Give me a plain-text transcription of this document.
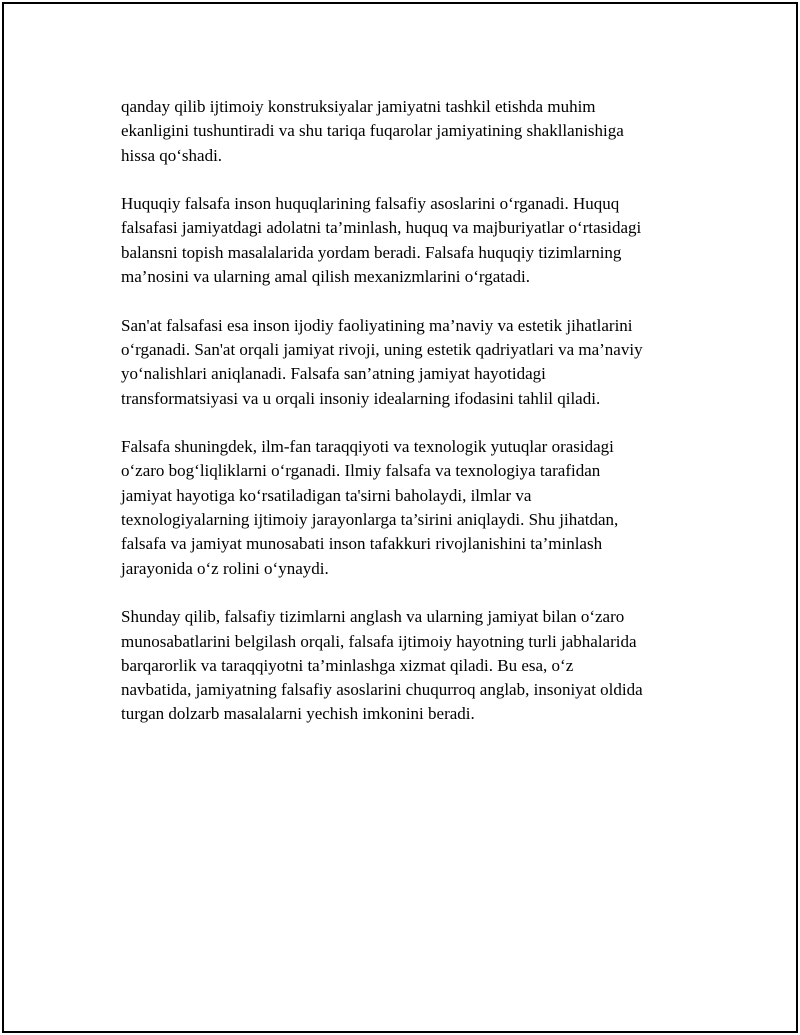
qanday qilib ijtimoiy konstruksiyalar jamiyatni tashkil etishda muhim
ekanligini tushuntiradi va shu tariqa fuqarolar jamiyatining shakllanishiga
hissa qo‘shadi.

Huquqiy falsafa inson huquqlarining falsafiy asoslarini o‘rganadi. Huquq
falsafasi jamiyatdagi adolatni ta’minlash, huquq va majburiyatlar o‘rtasidagi
balansni topish masalalarida yordam beradi. Falsafa huquqiy tizimlarning
ma’nosini va ularning amal qilish mexanizmlarini o‘rgatadi.

San'at falsafasi esa inson ijodiy faoliyatining ma’naviy va estetik jihatlarini
o‘rganadi. San'at orqali jamiyat rivoji, uning estetik qadriyatlari va ma’naviy
yo‘nalishlari aniqlanadi. Falsafa san’atning jamiyat hayotidagi
transformatsiyasi va u orqali insoniy idealarning ifodasini tahlil qiladi.

Falsafa shuningdek, ilm-fan taraqqiyoti va texnologik yutuqlar orasidagi
o‘zaro bog‘liqliklarni o‘rganadi. Ilmiy falsafa va texnologiya tarafidan
jamiyat hayotiga ko‘rsatiladigan ta'sirni baholaydi, ilmlar va
texnologiyalarning ijtimoiy jarayonlarga ta’sirini aniqlaydi. Shu jihatdan,
falsafa va jamiyat munosabati inson tafakkuri rivojlanishini ta’minlash
jarayonida o‘z rolini o‘ynaydi.

Shunday qilib, falsafiy tizimlarni anglash va ularning jamiyat bilan o‘zaro
munosabatlarini belgilash orqali, falsafa ijtimoiy hayotning turli jabhalarida
barqarorlik va taraqqiyotni ta’minlashga xizmat qiladi. Bu esa, o‘z
navbatida, jamiyatning falsafiy asoslarini chuqurroq anglab, insoniyat oldida
turgan dolzarb masalalarni yechish imkonini beradi.
